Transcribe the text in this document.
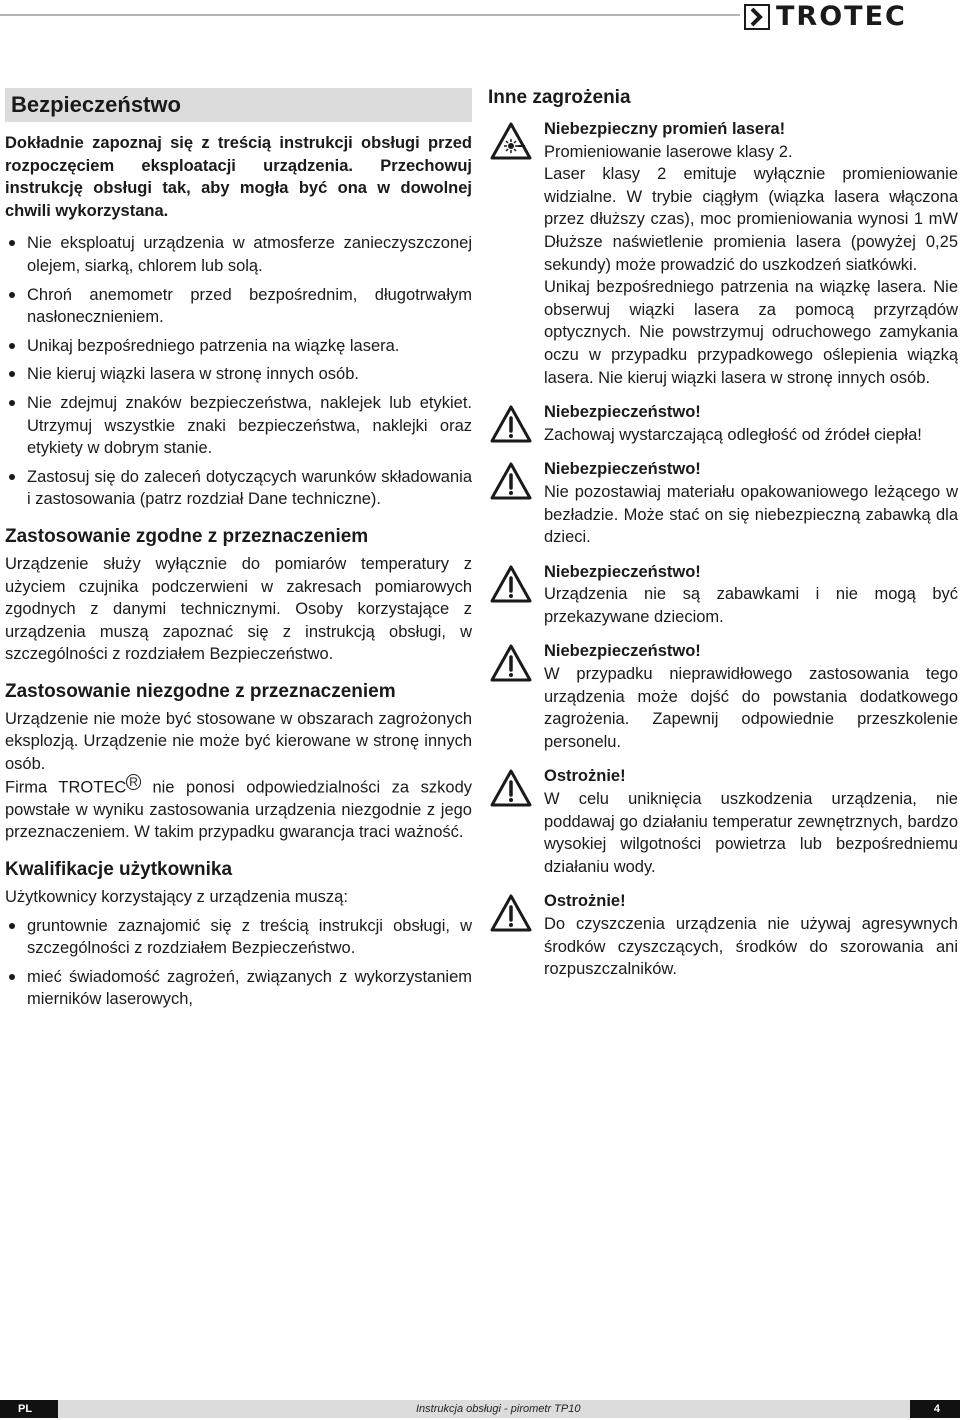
TROTEC
Bezpieczeństwo

Dokładnie zapoznaj się z treścią instrukcji obsługi przed rozpoczęciem eksploatacji urządzenia. Przechowuj instrukcję obsługi tak, aby mogła być ona w dowolnej chwili wykorzystana.

Nie eksploatuj urządzenia w atmosferze zanieczyszczonej olejem, siarką, chlorem lub solą.
Chroń anemometr przed bezpośrednim, długotrwałym nasłonecznieniem.
Unikaj bezpośredniego patrzenia na wiązkę lasera.
Nie kieruj wiązki lasera w stronę innych osób.
Nie zdejmuj znaków bezpieczeństwa, naklejek lub etykiet. Utrzymuj wszystkie znaki bezpieczeństwa, naklejki oraz etykiety w dobrym stanie.
Zastosuj się do zaleceń dotyczących warunków składowania i zastosowania (patrz rozdział Dane techniczne).
Zastosowanie zgodne z przeznaczeniem

Urządzenie służy wyłącznie do pomiarów temperatury z użyciem czujnika podczerwieni w zakresach pomiarowych zgodnych z danymi technicznymi. Osoby korzystające z urządzenia muszą zapoznać się z instrukcją obsługi, w szczególności z rozdziałem Bezpieczeństwo.

Zastosowanie niezgodne z przeznaczeniem

Urządzenie nie może być stosowane w obszarach zagrożonych eksplozją. Urządzenie nie może być kierowane w stronę innych osób.

Firma TROTEC $^R$ nie ponosi odpowiedzialności za szkody powstałe w wyniku zastosowania urządzenia niezgodnie z jego przeznaczeniem. W takim przypadku gwarancja traci ważność.

Kwalifikacje użytkownika

Użytkownicy korzystający z urządzenia muszą:

gruntownie zaznajomić się z treścią instrukcji obsługi, w szczególności z rozdziałem Bezpieczeństwo.
mieć świadomość zagrożeń, związanych z wykorzystaniem mierników laserowych,
Inne zagrożenia
Niebezpieczny promień lasera!

Promieniowanie laserowe klasy 2.

Laser klasy 2 emituje wyłącznie promieniowanie widzialne. W trybie ciągłym (wiązka lasera włączona przez dłuższy czas), moc promieniowania wynosi 1 mW Dłuższe naświetlenie promienia lasera (powyżej 0,25 sekundy) może prowadzić do uszkodzeń siatkówki.

Unikaj bezpośredniego patrzenia na wiązkę lasera. Nie obserwuj wiązki lasera za pomocą przyrządów optycznych. Nie powstrzymuj odruchowego zamykania oczu w przypadku przypadkowego oślepienia wiązką lasera. Nie kieruj wiązki lasera w stronę innych osób.

Niebezpieczeństwo!

Zachowaj wystarczającą odległość od źródeł ciepła!

Niebezpieczeństwo!

Nie pozostawiaj materiału opakowaniowego leżącego w bezładzie. Może stać on się niebezpieczną zabawką dla dzieci.

Niebezpieczeństwo!

Urządzenia nie są zabawkami i nie mogą być przekazywane dzieciom.

Niebezpieczeństwo!

W przypadku nieprawidłowego zastosowania tego urządzenia może dojść do powstania dodatkowego zagrożenia. Zapewnij odpowiednie przeszkolenie personelu.

Ostrożnie!

W celu uniknięcia uszkodzenia urządzenia, nie poddawaj go działaniu temperatur zewnętrznych, bardzo wysokiej wilgotności powietrza lub bezpośredniemu działaniu wody.

Ostrożnie!

Do czyszczenia urządzenia nie używaj agresywnych środków czyszczących, środków do szorowania ani rozpuszczalników.

PL	Instrukcja obsługi - pirometr TP10	4
